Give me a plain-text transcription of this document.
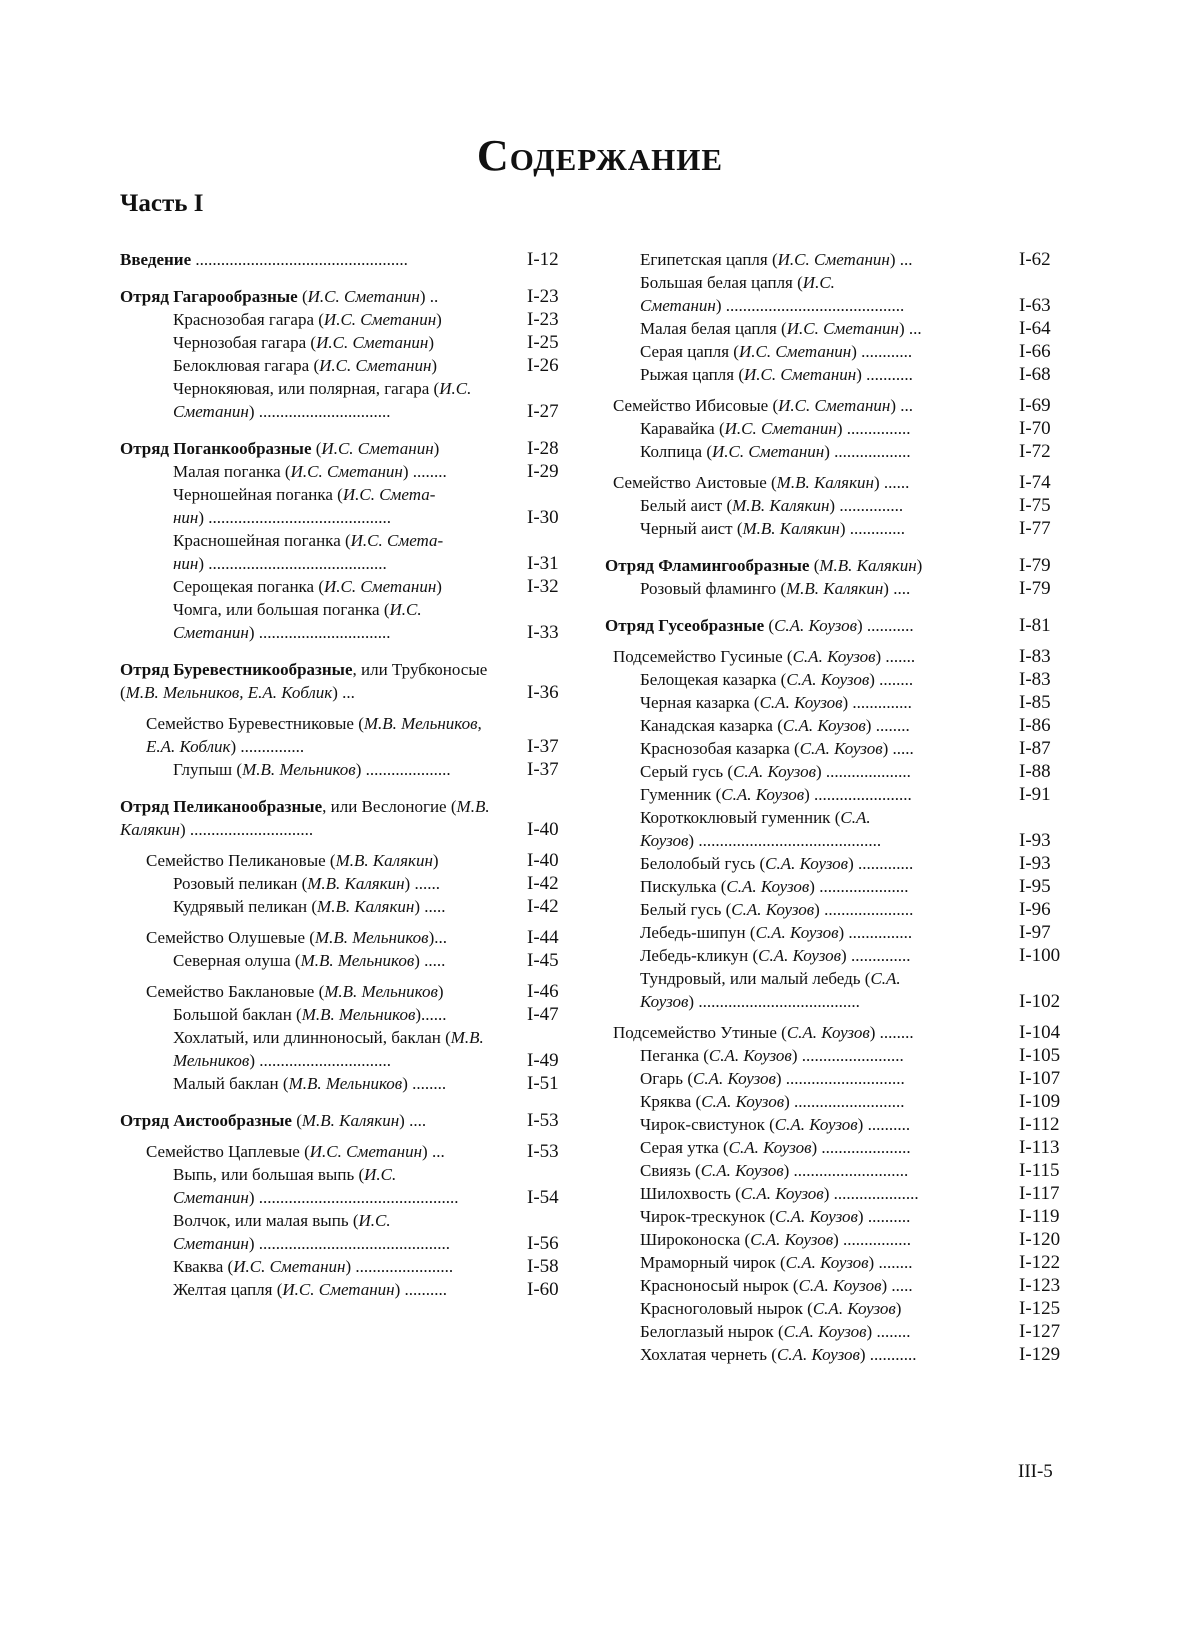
Содержание
Часть I
Введение ..................................................	I-12
Отряд Гагарообразные (И.С. Сметанин) ..	I-23
Краснозобая гагара (И.С. Сметанин)	I-23
Чернозобая гагара (И.С. Сметанин)	I-25
Белоклювая гагара (И.С. Сметанин)	I-26
Чернокяювая, или полярная, гагара (И.С. Сметанин) ...............................	I-27
Отряд Поганкообразные (И.С. Сметанин)	I-28
Малая поганка (И.С. Сметанин) ........	I-29
Черношейная поганка (И.С. Смета-нин) ...........................................	I-30
Красношейная поганка (И.С. Смета-нин) ..........................................	I-31
Серощекая поганка (И.С. Сметанин)	I-32
Чомга, или большая поганка (И.С. Сметанин) ...............................	I-33
Отряд Буревестникообразные, или Трубконосые (М.В. Мельников, Е.А. Коблик) ...	I-36
Семейство Буревестниковые (М.В. Мельников, Е.А. Коблик) ...............	I-37
Глупыш (М.В. Мельников) ....................	I-37
Отряд Пеликанообразные, или Веслоногие (М.В. Калякин) .............................	I-40
Семейство Пеликановые (М.В. Калякин)	I-40
Розовый пеликан (М.В. Калякин) ......	I-42
Кудрявый пеликан (М.В. Калякин) .....	I-42
Семейство Олушевые (М.В. Мельников)...	I-44
Северная олуша (М.В. Мельников) .....	I-45
Семейство Баклановые (М.В. Мельников)	I-46
Большой баклан (М.В. Мельников)......	I-47
Хохлатый, или длинноносый, баклан (М.В. Мельников) ...............................	I-49
Малый баклан (М.В. Мельников) ........	I-51
Отряд Аистообразные (М.В. Калякин) ....	I-53
Семейство Цаплевые (И.С. Сметанин) ...	I-53
Выпь, или большая выпь (И.С. Сметанин) ...............................................	I-54
Волчок, или малая выпь (И.С. Сметанин) .............................................	I-56
Кваква (И.С. Сметанин) .......................	I-58
Желтая цапля (И.С. Сметанин) ..........	I-60
Египетская цапля (И.С. Сметанин) ...	I-62
Большая белая цапля (И.С. Сметанин) ..........................................	I-63
Малая белая цапля (И.С. Сметанин) ...	I-64
Серая цапля (И.С. Сметанин) ............	I-66
Рыжая цапля (И.С. Сметанин) ...........	I-68
Семейство Ибисовые (И.С. Сметанин) ...	I-69
Каравайка (И.С. Сметанин) ...............	I-70
Колпица (И.С. Сметанин) ..................	I-72
Семейство Аистовые (М.В. Калякин) ......	I-74
Белый аист (М.В. Калякин) ...............	I-75
Черный аист (М.В. Калякин) .............	I-77
Отряд Фламингообразные (М.В. Калякин)	I-79
Розовый фламинго (М.В. Калякин) ....	I-79
Отряд Гусеобразные (С.А. Коузов) ...........	I-81
Подсемейство Гусиные (С.А. Коузов) .......	I-83
Белощекая казарка (С.А. Коузов) ........	I-83
Черная казарка (С.А. Коузов) ..............	I-85
Канадская казарка (С.А. Коузов) ........	I-86
Краснозобая казарка (С.А. Коузов) .....	I-87
Серый гусь (С.А. Коузов) ....................	I-88
Гуменник (С.А. Коузов) .......................	I-91
Короткоклювый гуменник (С.А. Коузов) ...........................................	I-93
Белолобый гусь (С.А. Коузов) .............	I-93
Пискулька (С.А. Коузов) .....................	I-95
Белый гусь (С.А. Коузов) .....................	I-96
Лебедь-шипун (С.А. Коузов) ...............	I-97
Лебедь-кликун (С.А. Коузов) ..............	I-100
Тундровый, или малый лебедь (С.А. Коузов) ......................................	I-102
Подсемейство Утиные (С.А. Коузов) ........	I-104
Пеганка (С.А. Коузов) ........................	I-105
Огарь (С.А. Коузов) ............................	I-107
Кряква (С.А. Коузов) ..........................	I-109
Чирок-свистунок (С.А. Коузов) ..........	I-112
Серая утка (С.А. Коузов) .....................	I-113
Свиязь (С.А. Коузов) ...........................	I-115
Шилохвость (С.А. Коузов) ....................	I-117
Чирок-трескунок (С.А. Коузов) ..........	I-119
Широконоска (С.А. Коузов) ................	I-120
Мраморный чирок (С.А. Коузов) ........	I-122
Красноносый нырок (С.А. Коузов) .....	I-123
Красноголовый нырок (С.А. Коузов)	I-125
Белоглазый нырок (С.А. Коузов) ........	I-127
Хохлатая чернеть (С.А. Коузов) ...........	I-129
III-5
